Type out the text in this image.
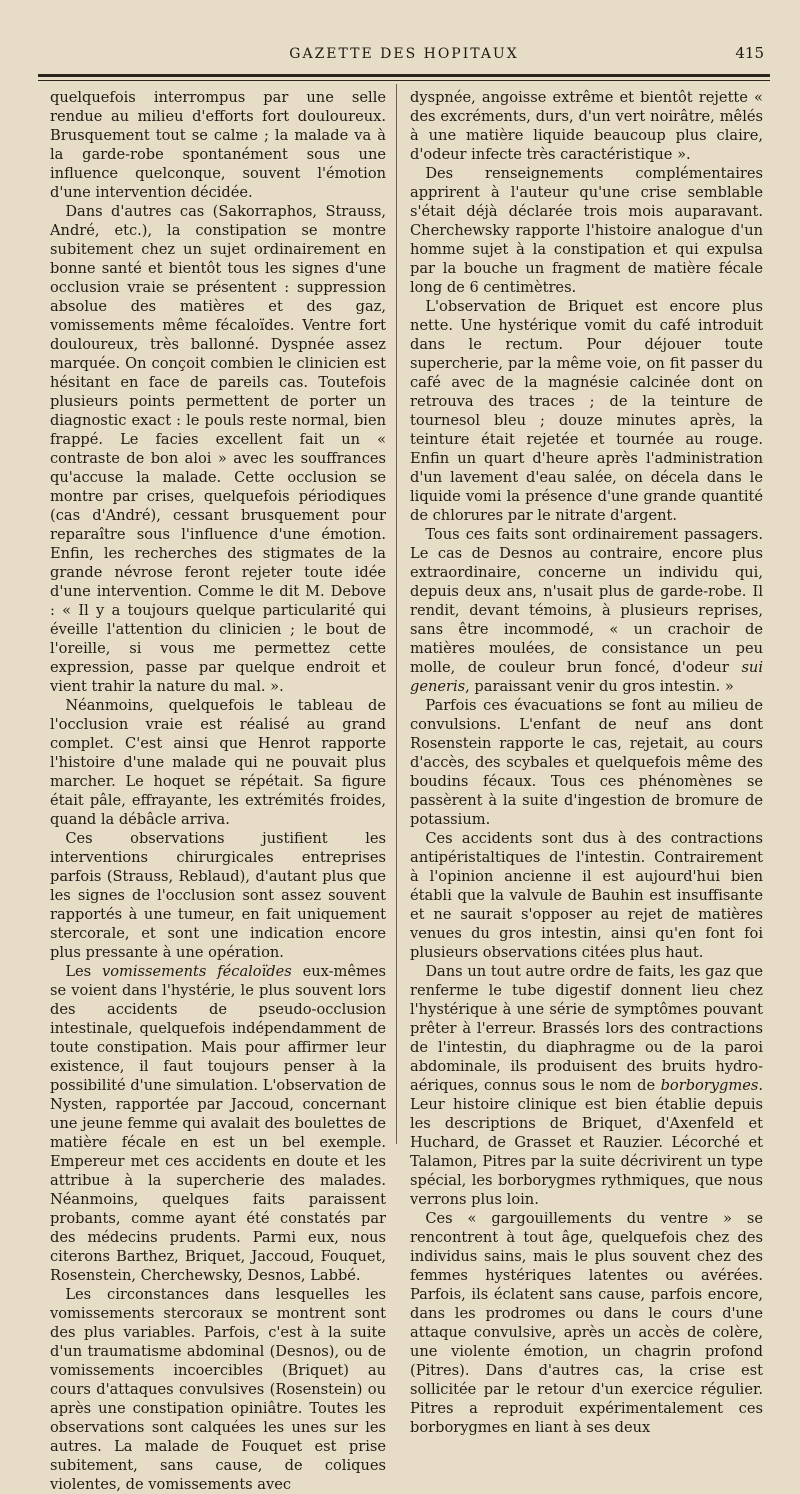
GAZETTE DES HOPITAUX	415

quelquefois interrompus par une selle rendue au milieu d'efforts fort douloureux. Brusquement tout se calme ; la malade va à la garde-robe spontanément sous une influence quelconque, souvent l'émotion d'une intervention décidée.

Dans d'autres cas (Sakorraphos, Strauss, André, etc.), la constipation se montre subitement chez un sujet ordinairement en bonne santé et bientôt tous les signes d'une occlusion vraie se présentent : suppression absolue des matières et des gaz, vomissements même fécaloïdes. Ventre fort douloureux, très ballonné. Dyspnée assez marquée. On conçoit combien le clinicien est hésitant en face de pareils cas. Toutefois plusieurs points permettent de porter un diagnostic exact : le pouls reste normal, bien frappé. Le facies excellent fait un « contraste de bon aloi » avec les souffrances qu'accuse la malade. Cette occlusion se montre par crises, quelquefois périodiques (cas d'André), cessant brusquement pour reparaître sous l'influence d'une émotion. Enfin, les recherches des stigmates de la grande névrose feront rejeter toute idée d'une intervention. Comme le dit M. Debove : « Il y a toujours quelque particularité qui éveille l'attention du clinicien ; le bout de l'oreille, si vous me permettez cette expression, passe par quelque endroit et vient trahir la nature du mal. ».

Néanmoins, quelquefois le tableau de l'occlusion vraie est réalisé au grand complet. C'est ainsi que Henrot rapporte l'histoire d'une malade qui ne pouvait plus marcher. Le hoquet se répétait. Sa figure était pâle, effrayante, les extrémités froides, quand la débâcle arriva.

Ces observations justifient les interventions chirurgicales entreprises parfois (Strauss, Reblaud), d'autant plus que les signes de l'occlusion sont assez souvent rapportés à une tumeur, en fait uniquement stercorale, et sont une indication encore plus pressante à une opération.

Les vomissements fécaloïdes eux-mêmes se voient dans l'hystérie, le plus souvent lors des accidents de pseudo-occlusion intestinale, quelquefois indépendamment de toute constipation. Mais pour affirmer leur existence, il faut toujours penser à la possibilité d'une simulation. L'observation de Nysten, rapportée par Jaccoud, concernant une jeune femme qui avalait des boulettes de matière fécale en est un bel exemple. Empereur met ces accidents en doute et les attribue à la supercherie des malades. Néanmoins, quelques faits paraissent probants, comme ayant été constatés par des médecins prudents. Parmi eux, nous citerons Barthez, Briquet, Jaccoud, Fouquet, Rosenstein, Cherchewsky, Desnos, Labbé.

Les circonstances dans lesquelles les vomissements stercoraux se montrent sont des plus variables. Parfois, c'est à la suite d'un traumatisme abdominal (Desnos), ou de vomissements incoercibles (Briquet) au cours d'attaques convulsives (Rosenstein) ou après une constipation opiniâtre. Toutes les observations sont calquées les unes sur les autres. La malade de Fouquet est prise subitement, sans cause, de coliques violentes, de vomissements avec

dyspnée, angoisse extrême et bientôt rejette « des excréments, durs, d'un vert noirâtre, mêlés à une matière liquide beaucoup plus claire, d'odeur infecte très caractéristique ».

Des renseignements complémentaires apprirent à l'auteur qu'une crise semblable s'était déjà déclarée trois mois auparavant. Cherchewsky rapporte l'histoire analogue d'un homme sujet à la constipation et qui expulsa par la bouche un fragment de matière fécale long de 6 centimètres.

L'observation de Briquet est encore plus nette. Une hystérique vomit du café introduit dans le rectum. Pour déjouer toute supercherie, par la même voie, on fit passer du café avec de la magnésie calcinée dont on retrouva des traces ; de la teinture de tournesol bleu ; douze minutes après, la teinture était rejetée et tournée au rouge. Enfin un quart d'heure après l'administration d'un lavement d'eau salée, on décela dans le liquide vomi la présence d'une grande quantité de chlorures par le nitrate d'argent.

Tous ces faits sont ordinairement passagers. Le cas de Desnos au contraire, encore plus extraordinaire, concerne un individu qui, depuis deux ans, n'usait plus de garde-robe. Il rendit, devant témoins, à plusieurs reprises, sans être incommodé, « un crachoir de matières moulées, de consistance un peu molle, de couleur brun foncé, d'odeur sui generis, paraissant venir du gros intestin. »

Parfois ces évacuations se font au milieu de convulsions. L'enfant de neuf ans dont Rosenstein rapporte le cas, rejetait, au cours d'accès, des scybales et quelquefois même des boudins fécaux. Tous ces phénomènes se passèrent à la suite d'ingestion de bromure de potassium.

Ces accidents sont dus à des contractions antipéristaltiques de l'intestin. Contrairement à l'opinion ancienne il est aujourd'hui bien établi que la valvule de Bauhin est insuffisante et ne saurait s'opposer au rejet de matières venues du gros intestin, ainsi qu'en font foi plusieurs observations citées plus haut.

Dans un tout autre ordre de faits, les gaz que renferme le tube digestif donnent lieu chez l'hystérique à une série de symptômes pouvant prêter à l'erreur. Brassés lors des contractions de l'intestin, du diaphragme ou de la paroi abdominale, ils produisent des bruits hydro-aériques, connus sous le nom de borborygmes. Leur histoire clinique est bien établie depuis les descriptions de Briquet, d'Axenfeld et Huchard, de Grasset et Rauzier. Lécorché et Talamon, Pitres par la suite décrivirent un type spécial, les borborygmes rythmiques, que nous verrons plus loin.

Ces « gargouillements du ventre » se rencontrent à tout âge, quelquefois chez des individus sains, mais le plus souvent chez des femmes hystériques latentes ou avérées. Parfois, ils éclatent sans cause, parfois encore, dans les prodromes ou dans le cours d'une attaque convulsive, après un accès de colère, une violente émotion, un chagrin profond (Pitres). Dans d'autres cas, la crise est sollicitée par le retour d'un exercice régulier. Pitres a reproduit expérimentalement ces borborygmes en liant à ses deux
